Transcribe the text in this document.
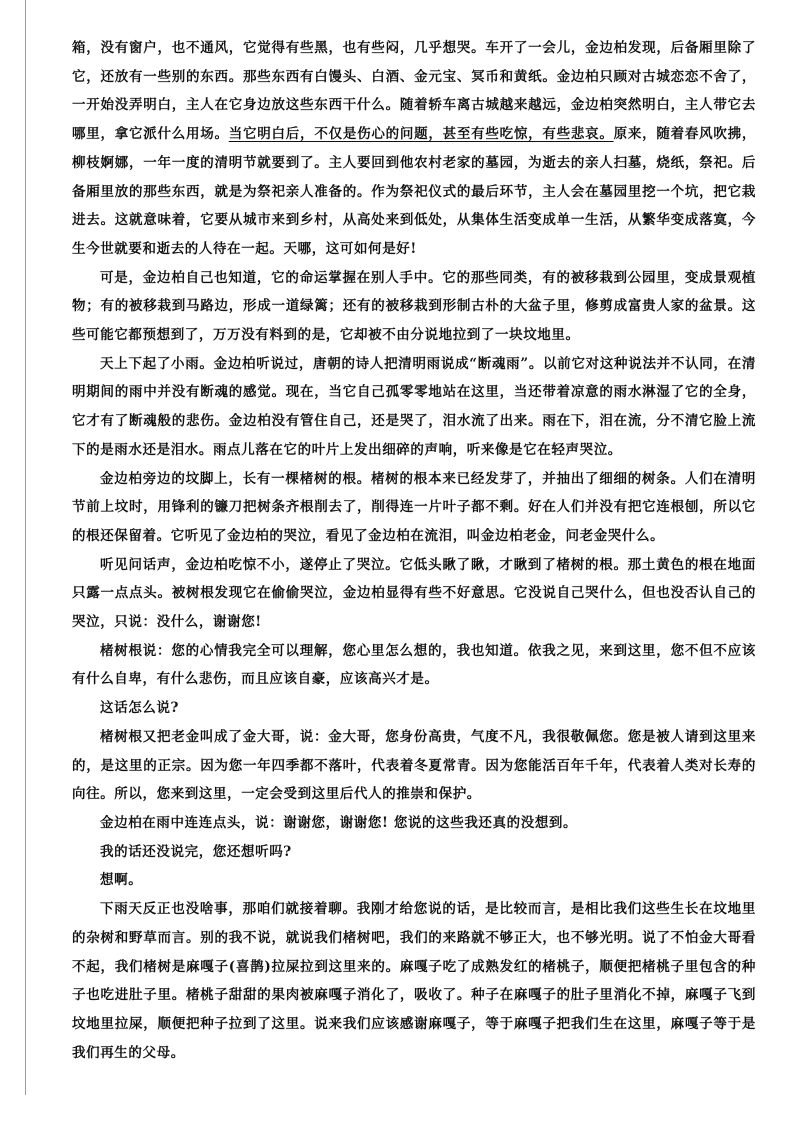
箱，没有窗户，也不通风，它觉得有些黑，也有些闷，几乎想哭。车开了一会儿，金边柏发现，后备厢里除了它，还放有一些别的东西。那些东西有白馒头、白酒、金元宝、冥币和黄纸。金边柏只顾对古城恋恋不舍了，一开始没弄明白，主人在它身边放这些东西干什么。随着轿车离古城越来越远，金边柏突然明白，主人带它去哪里，拿它派什么用场。当它明白后，不仅是伤心的问题，甚至有些吃惊，有些悲哀。原来，随着春风吹拂，柳枝婀娜，一年一度的清明节就要到了。主人要回到他农村老家的墓园，为逝去的亲人扫墓，烧纸，祭祀。后备厢里放的那些东西，就是为祭祀亲人准备的。作为祭祀仪式的最后环节，主人会在墓园里挖一个坑，把它栽进去。这就意味着，它要从城市来到乡村，从高处来到低处，从集体生活变成单一生活，从繁华变成落寞，今生今世就要和逝去的人待在一起。天哪，这可如何是好!

可是，金边柏自己也知道，它的命运掌握在别人手中。它的那些同类，有的被移栽到公园里，变成景观植物；有的被移栽到马路边，形成一道绿篱；还有的被移栽到形制古朴的大盆子里，修剪成富贵人家的盆景。这些可能它都预想到了，万万没有料到的是，它却被不由分说地拉到了一块坟地里。

天上下起了小雨。金边柏听说过，唐朝的诗人把清明雨说成“断魂雨”。以前它对这种说法并不认同，在清明期间的雨中并没有断魂的感觉。现在，当它自己孤零零地站在这里，当还带着凉意的雨水淋湿了它的全身，它才有了断魂般的悲伤。金边柏没有管住自己，还是哭了，泪水流了出来。雨在下，泪在流，分不清它脸上流下的是雨水还是泪水。雨点儿落在它的叶片上发出细碎的声响，听来像是它在轻声哭泣。

金边柏旁边的坟脚上，长有一棵楮树的根。楮树的根本来已经发芽了，并抽出了细细的树条。人们在清明节前上坟时，用锋利的镰刀把树条齐根削去了，削得连一片叶子都不剩。好在人们并没有把它连根刨，所以它的根还保留着。它听见了金边柏的哭泣，看见了金边柏在流泪，叫金边柏老金，问老金哭什么。

听见问话声，金边柏吃惊不小，遂停止了哭泣。它低头瞅了瞅，才瞅到了楮树的根。那土黄色的根在地面只露一点点头。被树根发现它在偷偷哭泣，金边柏显得有些不好意思。它没说自己哭什么，但也没否认自己的哭泣，只说：没什么，谢谢您!

楮树根说：您的心情我完全可以理解，您心里怎么想的，我也知道。依我之见，来到这里，您不但不应该有什么自卑，有什么悲伤，而且应该自豪，应该高兴才是。

这话怎么说?

楮树根又把老金叫成了金大哥，说：金大哥，您身份高贵，气度不凡，我很敬佩您。您是被人请到这里来的，是这里的正宗。因为您一年四季都不落叶，代表着冬夏常青。因为您能活百年千年，代表着人类对长寿的向往。所以，您来到这里，一定会受到这里后代人的推崇和保护。

金边柏在雨中连连点头，说：谢谢您，谢谢您! 您说的这些我还真的没想到。

我的话还没说完，您还想听吗?

想啊。

下雨天反正也没啥事，那咱们就接着聊。我刚才给您说的话，是比较而言，是相比我们这些生长在坟地里的杂树和野草而言。别的我不说，就说我们楮树吧，我们的来路就不够正大，也不够光明。说了不怕金大哥看不起，我们楮树是麻嘎子(喜鹊)拉屎拉到这里来的。麻嘎子吃了成熟发红的楮桃子，顺便把楮桃子里包含的种子也吃进肚子里。楮桃子甜甜的果肉被麻嘎子消化了，吸收了。种子在麻嘎子的肚子里消化不掉，麻嘎子飞到坟地里拉屎，顺便把种子拉到了这里。说来我们应该感谢麻嘎子，等于麻嘎子把我们生在这里，麻嘎子等于是我们再生的父母。
